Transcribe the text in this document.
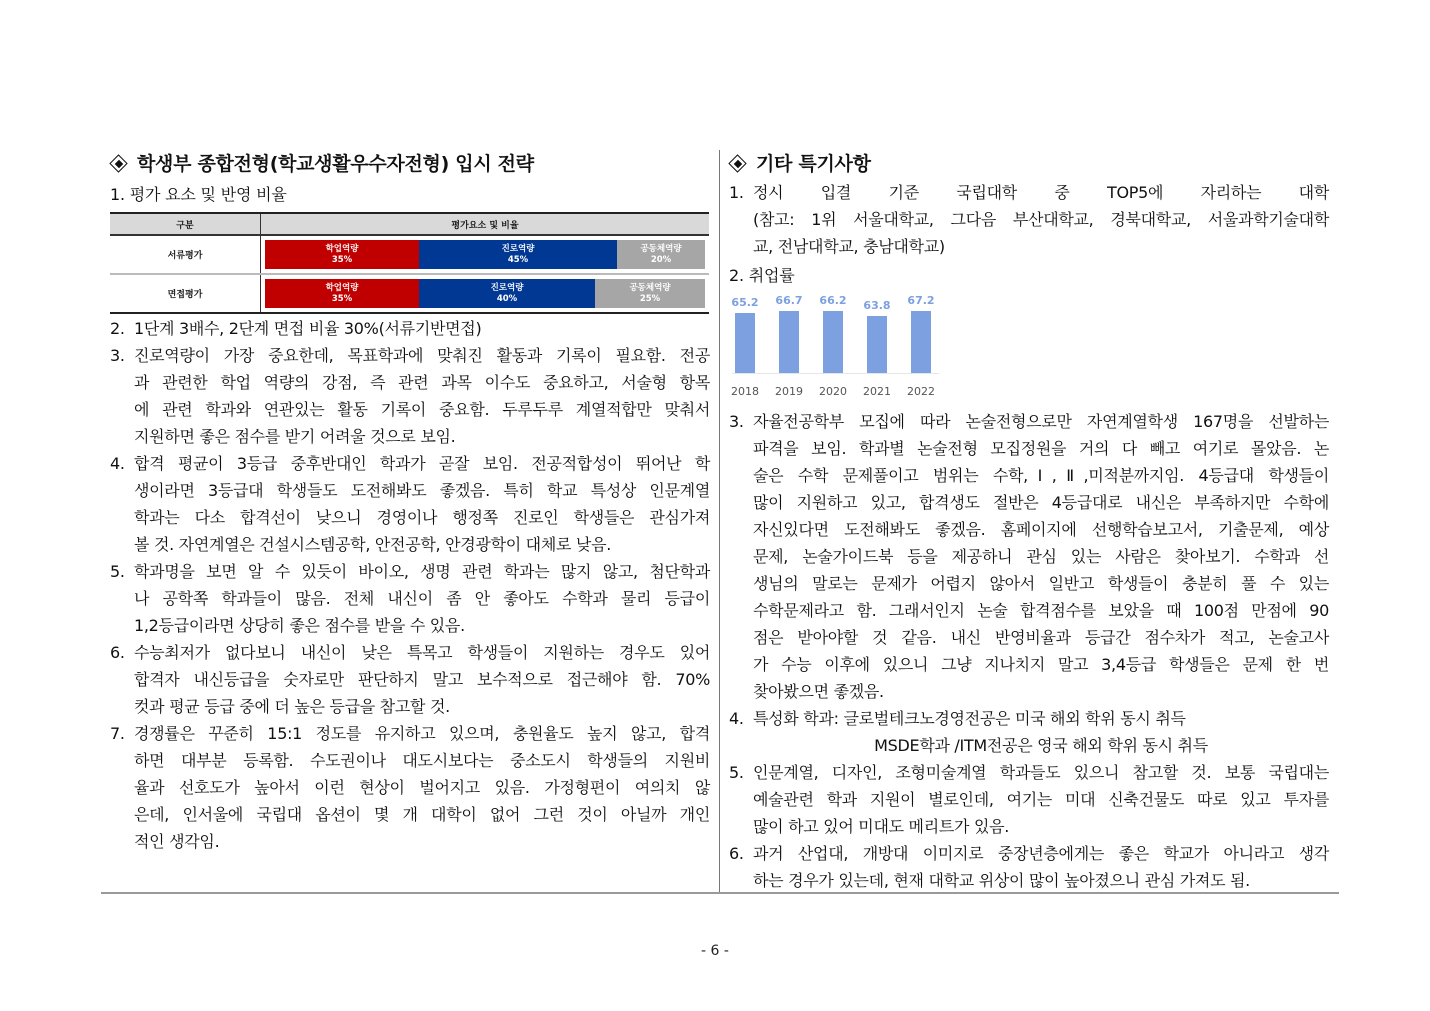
학생부 종합전형(학교생활우수자전형) 입시 전략
1. 평가 요소 및 반영 비율
구분	평가요소 및 비율
서류평가
학업역량
35%
진로역량
45%
공동체역량
20%
면접평가
학업역량
35%
진로역량
40%
공동체역량
25%
2. 1단계 3배수, 2단계 면접 비율 30%(서류기반면접)
3. 진로역량이 가장 중요한데, 목표학과에 맞춰진 활동과 기록이 필요함. 전공
과 관련한 학업 역량의 강점, 즉 관련 과목 이수도 중요하고, 서술형 항목
에 관련 학과와 연관있는 활동 기록이 중요함. 두루두루 계열적합만 맞춰서
지원하면 좋은 점수를 받기 어려울 것으로 보임.
4. 합격 평균이 3등급 중후반대인 학과가 곧잘 보임. 전공적합성이 뛰어난 학
생이라면 3등급대 학생들도 도전해봐도 좋겠음. 특히 학교 특성상 인문계열
학과는 다소 합격선이 낮으니 경영이나 행정쪽 진로인 학생들은 관심가져
볼 것. 자연계열은 건설시스템공학, 안전공학, 안경광학이 대체로 낮음.
5. 학과명을 보면 알 수 있듯이 바이오, 생명 관련 학과는 많지 않고, 첨단학과
나 공학쪽 학과들이 많음. 전체 내신이 좀 안 좋아도 수학과 물리 등급이
1,2등급이라면 상당히 좋은 점수를 받을 수 있음.
6. 수능최저가 없다보니 내신이 낮은 특목고 학생들이 지원하는 경우도 있어
합격자 내신등급을 숫자로만 판단하지 말고 보수적으로 접근해야 함. 70%
컷과 평균 등급 중에 더 높은 등급을 참고할 것.
7. 경쟁률은 꾸준히 15:1 정도를 유지하고 있으며, 충원율도 높지 않고, 합격
하면 대부분 등록함. 수도권이나 대도시보다는 중소도시 학생들의 지원비
율과 선호도가 높아서 이런 현상이 벌어지고 있음. 가정형편이 여의치 않
은데, 인서울에 국립대 옵션이 몇 개 대학이 없어 그런 것이 아닐까 개인
적인 생각임.
기타 특기사항
1. 정시 입결 기준 국립대학 중 TOP5에 자리하는 대학
(참고: 1위 서울대학교, 그다음 부산대학교, 경북대학교, 서울과학기술대학
교, 전남대학교, 충남대학교)
2. 취업률
65.2
2018
66.7
2019
66.2
2020
63.8
2021
67.2
2022
3. 자율전공학부 모집에 따라 논술전형으로만 자연계열학생 167명을 선발하는
파격을 보임. 학과별 논술전형 모집정원을 거의 다 빼고 여기로 몰았음. 논
술은 수학 문제풀이고 범위는 수학,Ⅰ,Ⅱ,미적분까지임. 4등급대 학생들이
많이 지원하고 있고, 합격생도 절반은 4등급대로 내신은 부족하지만 수학에
자신있다면 도전해봐도 좋겠음. 홈페이지에 선행학습보고서, 기출문제, 예상
문제, 논술가이드북 등을 제공하니 관심 있는 사람은 찾아보기. 수학과 선
생님의 말로는 문제가 어렵지 않아서 일반고 학생들이 충분히 풀 수 있는
수학문제라고 함. 그래서인지 논술 합격점수를 보았을 때 100점 만점에 90
점은 받아야할 것 같음. 내신 반영비율과 등급간 점수차가 적고, 논술고사
가 수능 이후에 있으니 그냥 지나치지 말고 3,4등급 학생들은 문제 한 번
찾아봤으면 좋겠음.
4. 특성화 학과: 글로벌테크노경영전공은 미국 해외 학위 동시 취득
MSDE학과 /ITM전공은 영국 해외 학위 동시 취득
5. 인문계열, 디자인, 조형미술계열 학과들도 있으니 참고할 것. 보통 국립대는
예술관련 학과 지원이 별로인데, 여기는 미대 신축건물도 따로 있고 투자를
많이 하고 있어 미대도 메리트가 있음.
6. 과거 산업대, 개방대 이미지로 중장년층에게는 좋은 학교가 아니라고 생각
하는 경우가 있는데, 현재 대학교 위상이 많이 높아졌으니 관심 가져도 됨.
- 6 -
